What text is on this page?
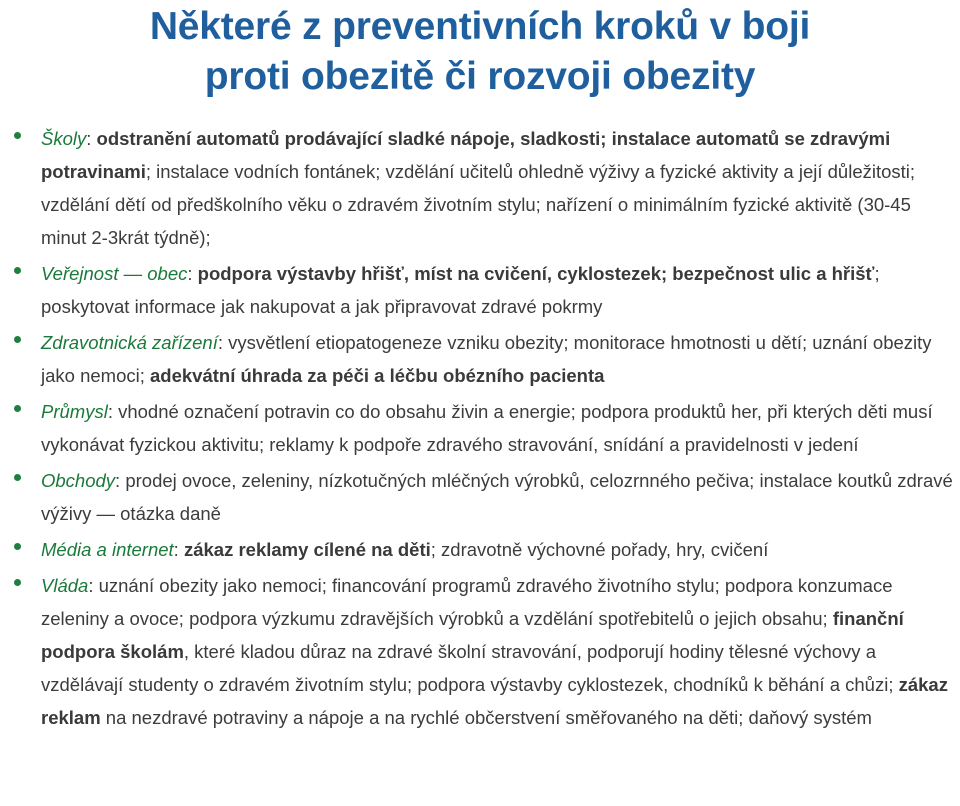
Některé z preventivních kroků v boji
proti obezitě či rozvoji obezity
Školy: odstranění automatů prodávající sladké nápoje, sladkosti; instalace automatů se zdravými potravinami; instalace vodních fontánek; vzdělání učitelů ohledně výživy a fyzické aktivity a její důležitosti; vzdělání dětí od předškolního věku o zdravém životním stylu; nařízení o minimálním fyzické aktivitě (30-45 minut 2-3krát týdně);
Veřejnost — obec: podpora výstavby hřišť, míst na cvičení, cyklostezek; bezpečnost ulic a hřišť; poskytovat informace jak nakupovat a jak připravovat zdravé pokrmy
Zdravotnická zařízení: vysvětlení etiopatogeneze vzniku obezity; monitorace hmotnosti u dětí; uznání obezity jako nemoci; adekvátní úhrada za péči a léčbu obézního pacienta
Průmysl: vhodné označení potravin co do obsahu živin a energie; podpora produktů her, při kterých děti musí vykonávat fyzickou aktivitu; reklamy k podpoře zdravého stravování, snídání a pravidelnosti v jedení
Obchody: prodej ovoce, zeleniny, nízkotučných mléčných výrobků, celozrnného pečiva; instalace koutků zdravé výživy — otázka daně
Média a internet: zákaz reklamy cílené na děti; zdravotně výchovné pořady, hry, cvičení
Vláda: uznání obezity jako nemoci; financování programů zdravého životního stylu; podpora konzumace zeleniny a ovoce; podpora výzkumu zdravějších výrobků a vzdělání spotřebitelů o jejich obsahu; finanční podpora školám, které kladou důraz na zdravé školní stravování, podporují hodiny tělesné výchovy a vzdělávají studenty o zdravém životním stylu; podpora výstavby cyklostezek, chodníků k běhání a chůzi; zákaz reklam na nezdravé potraviny a nápoje a na rychlé občerstvení směřovaného na děti; daňový systém
